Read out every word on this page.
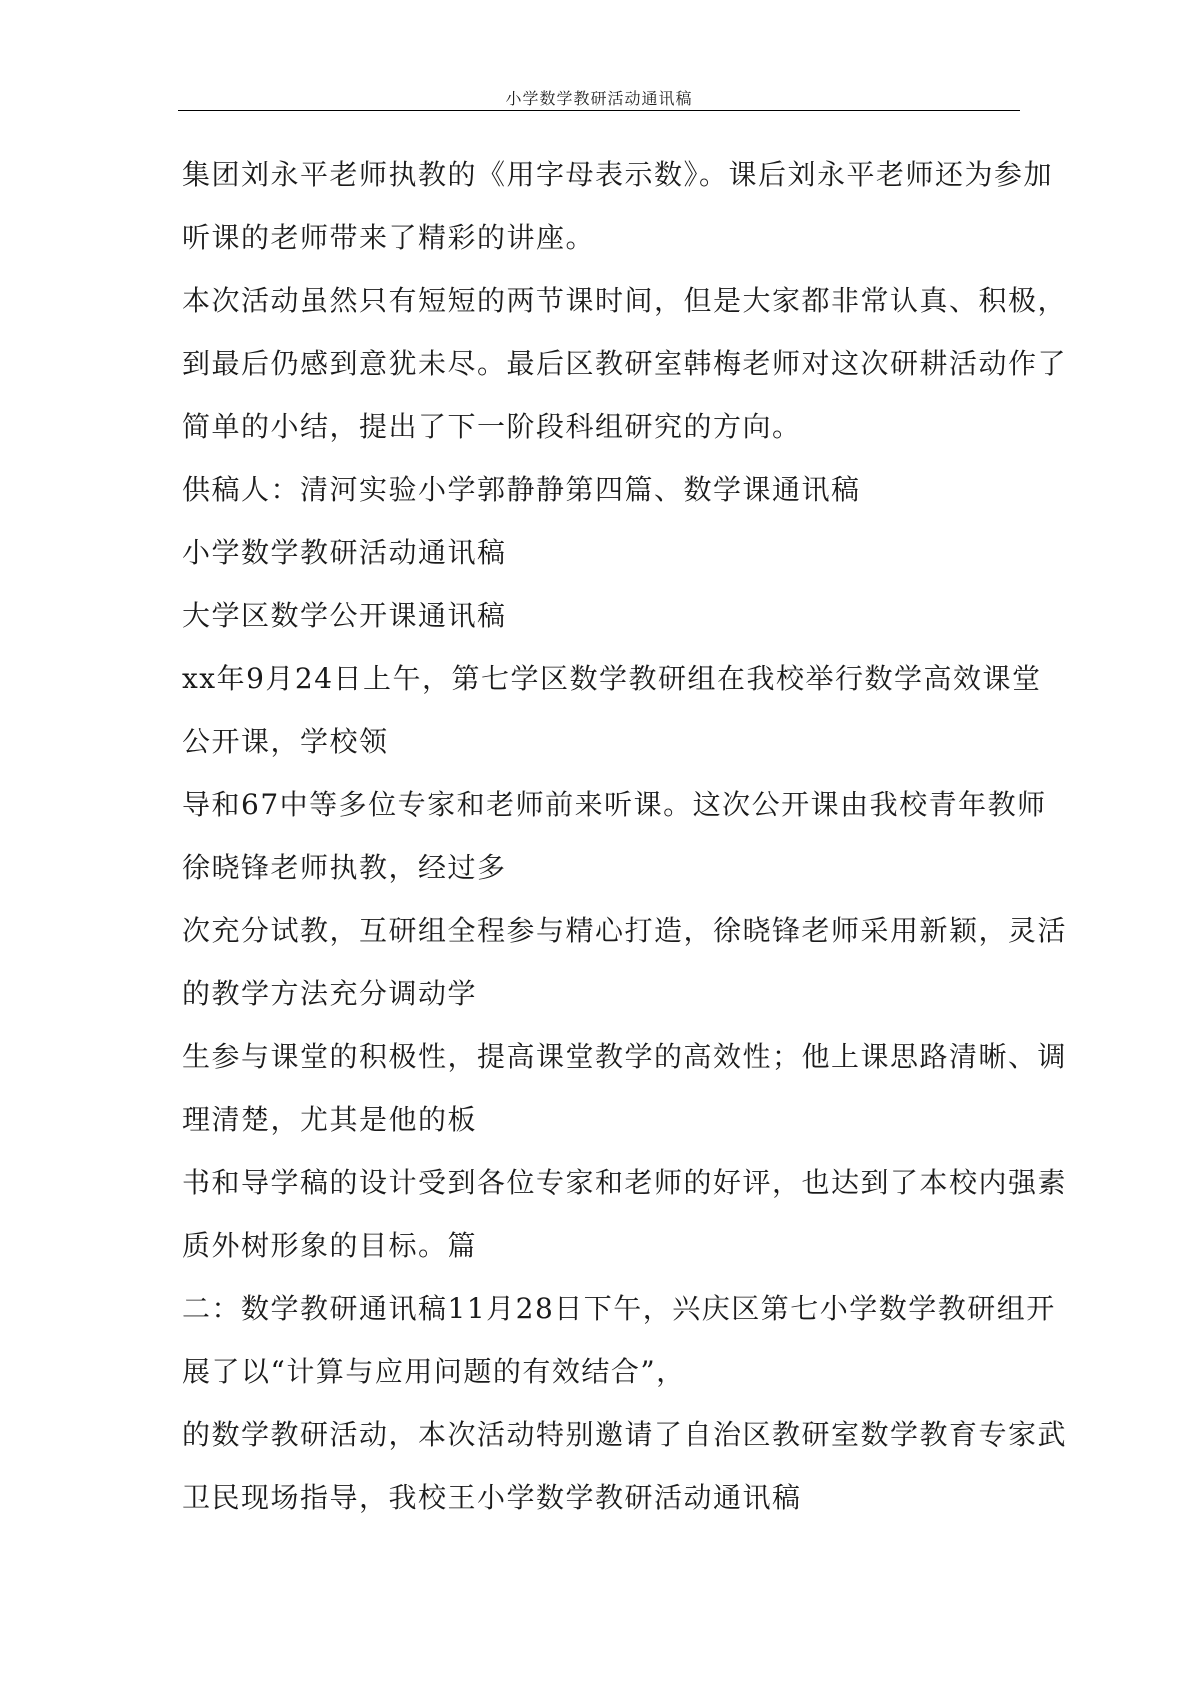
小学数学教研活动通讯稿
集团刘永平老师执教的《用字母表示数》。课后刘永平老师还为参加
听课的老师带来了精彩的讲座。
本次活动虽然只有短短的两节课时间，但是大家都非常认真、积极，
到最后仍感到意犹未尽。最后区教研室韩梅老师对这次研耕活动作了
简单的小结，提出了下一阶段科组研究的方向。
供稿人：清河实验小学郭静静第四篇、数学课通讯稿
小学数学教研活动通讯稿
大学区数学公开课通讯稿
xx年9月24日上午，第七学区数学教研组在我校举行数学高效课堂
公开课，学校领
导和67中等多位专家和老师前来听课。这次公开课由我校青年教师
徐晓锋老师执教，经过多
次充分试教，互研组全程参与精心打造，徐晓锋老师采用新颖，灵活
的教学方法充分调动学
生参与课堂的积极性，提高课堂教学的高效性；他上课思路清晰、调
理清楚，尤其是他的板
书和导学稿的设计受到各位专家和老师的好评，也达到了本校内强素
质外树形象的目标。篇
二：数学教研通讯稿11月28日下午，兴庆区第七小学数学教研组开
展了以“计算与应用问题的有效结合”，
的数学教研活动，本次活动特别邀请了自治区教研室数学教育专家武
卫民现场指导，我校王小学数学教研活动通讯稿
